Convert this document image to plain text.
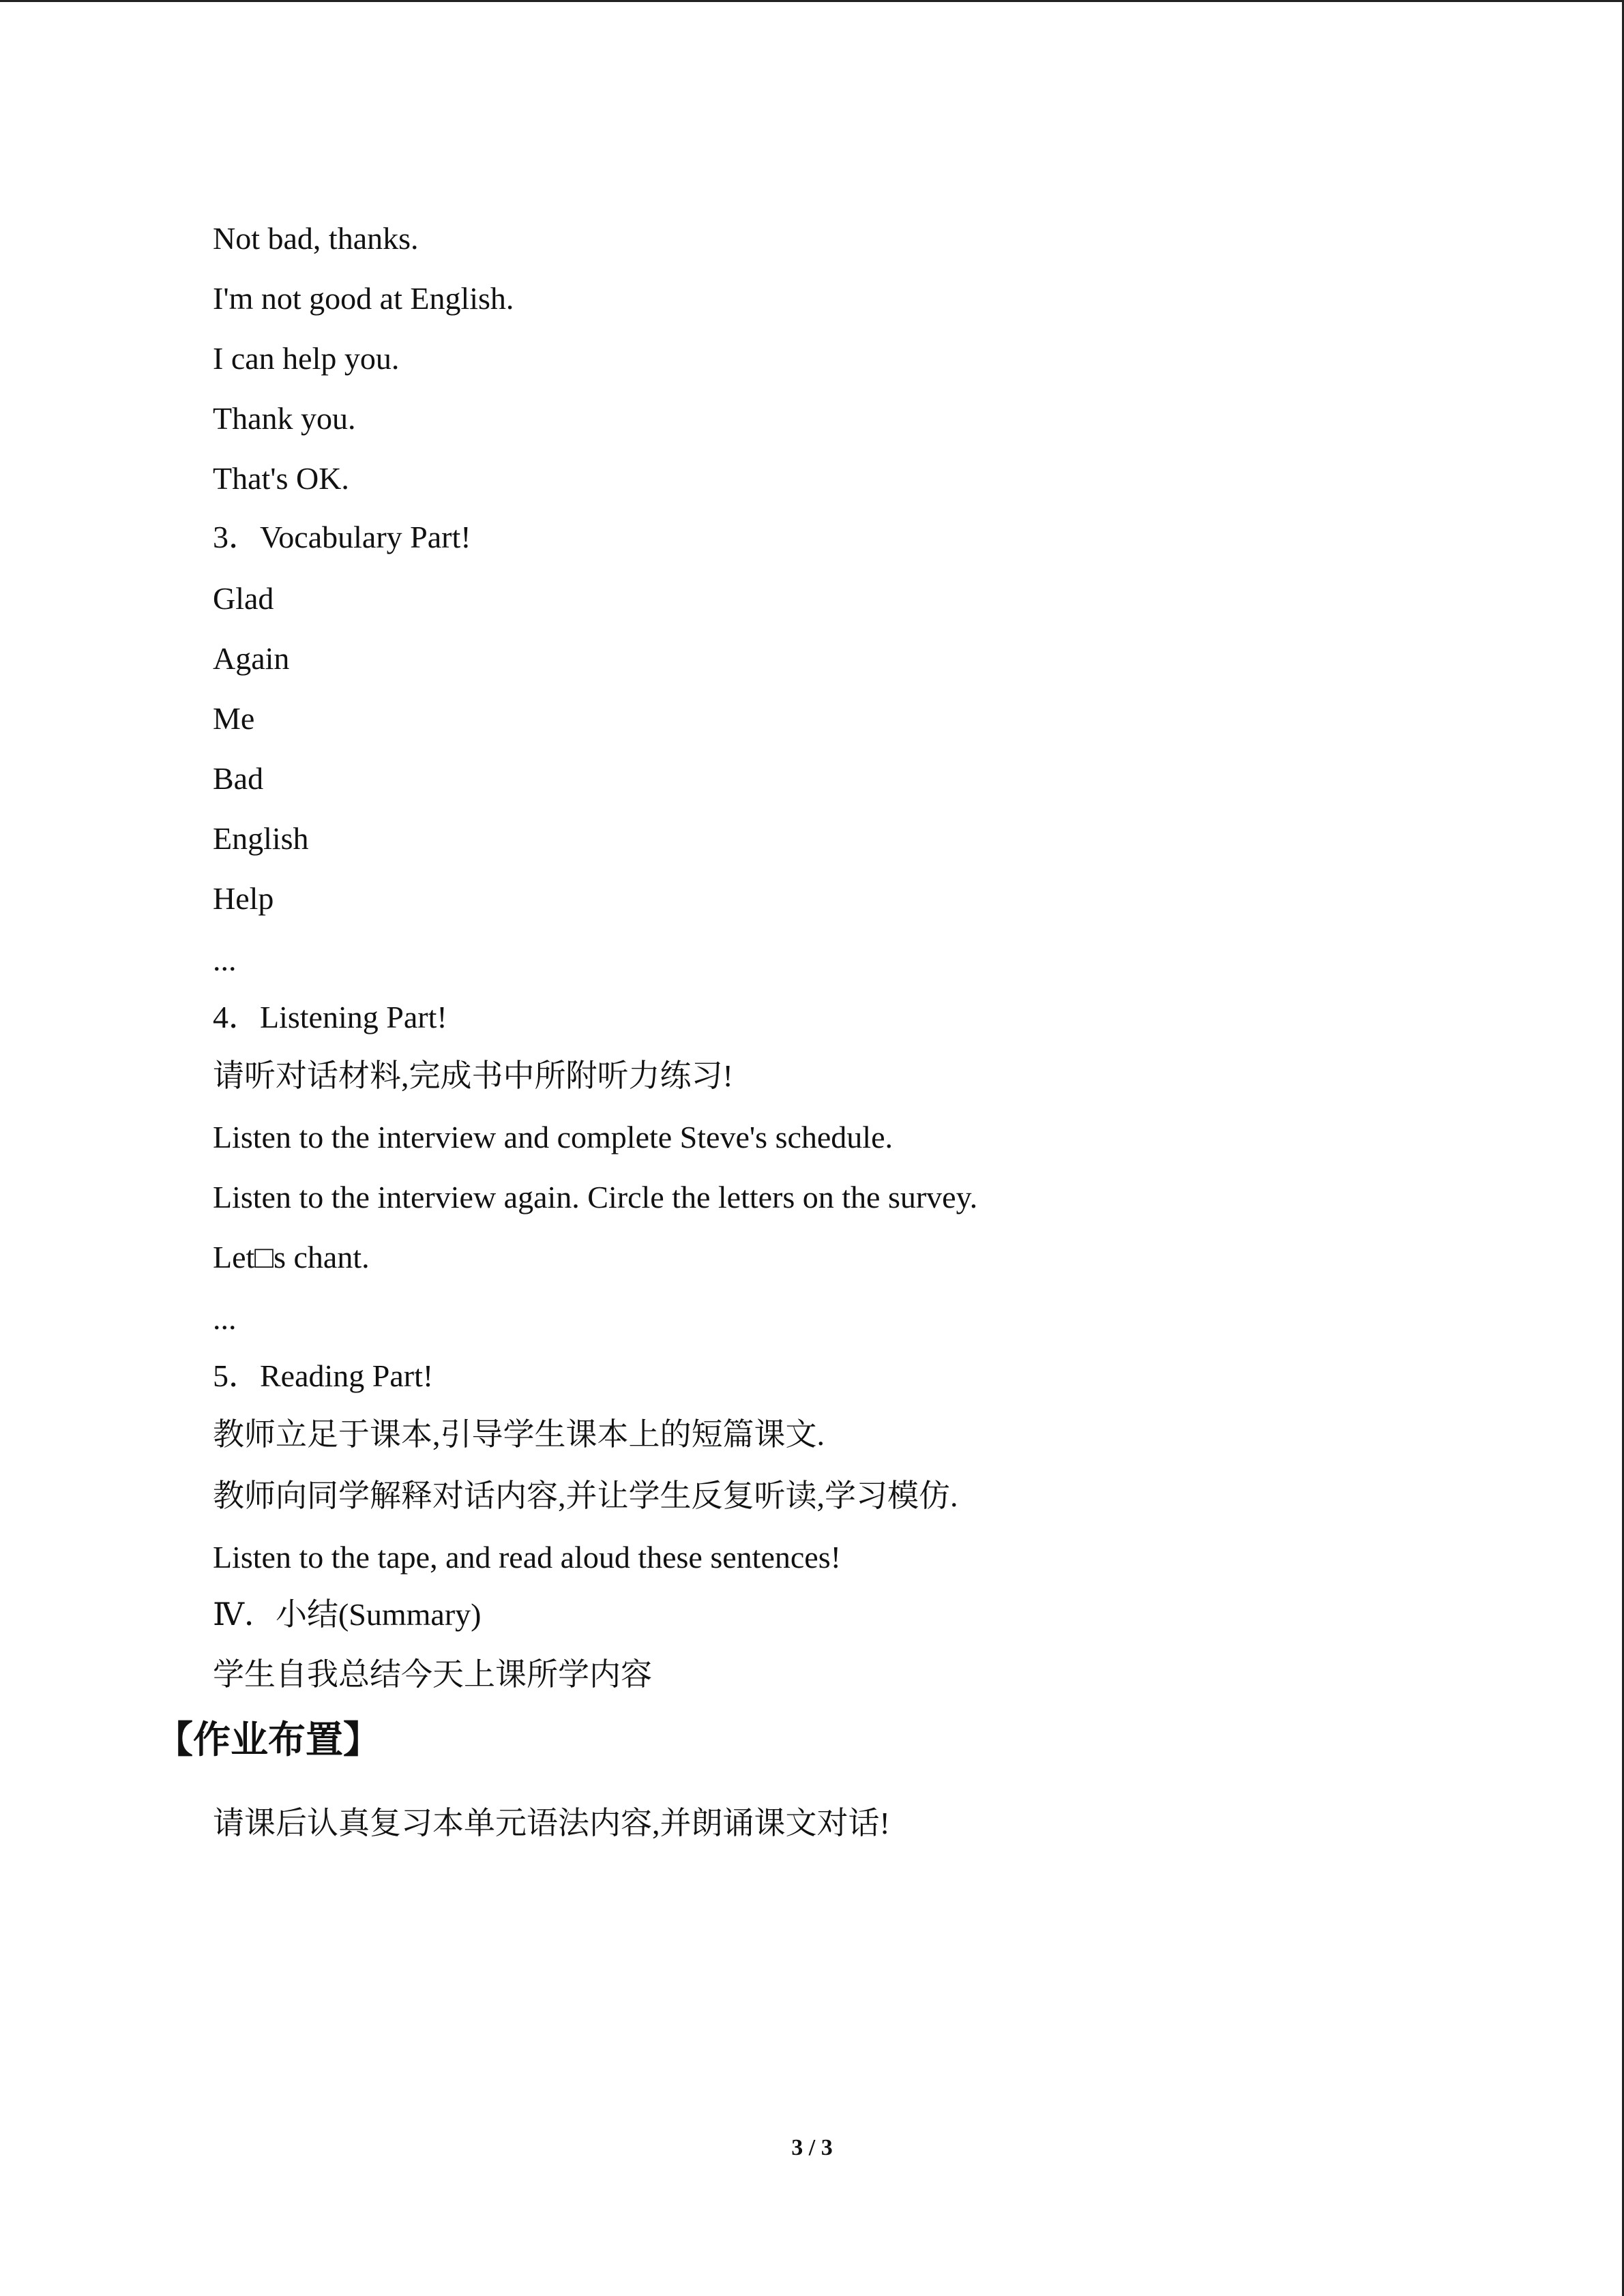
Not bad, thanks.
I'm not good at English.
I can help you.
Thank you.
That's OK.
3．Vocabulary Part!
Glad
Again
Me
Bad
English
Help
...
4．Listening Part!
请听对话材料,完成书中所附听力练习!
Listen to the interview and complete Steve's schedule.
Listen to the interview again. Circle the letters on the survey.
Let□s chant.
...
5．Reading Part!
教师立足于课本,引导学生课本上的短篇课文.
教师向同学解释对话内容,并让学生反复听读,学习模仿.
Listen to the tape, and read aloud these sentences!
Ⅳ．小结(Summary)
学生自我总结今天上课所学内容
【作业布置】
请课后认真复习本单元语法内容,并朗诵课文对话!
3 / 3
